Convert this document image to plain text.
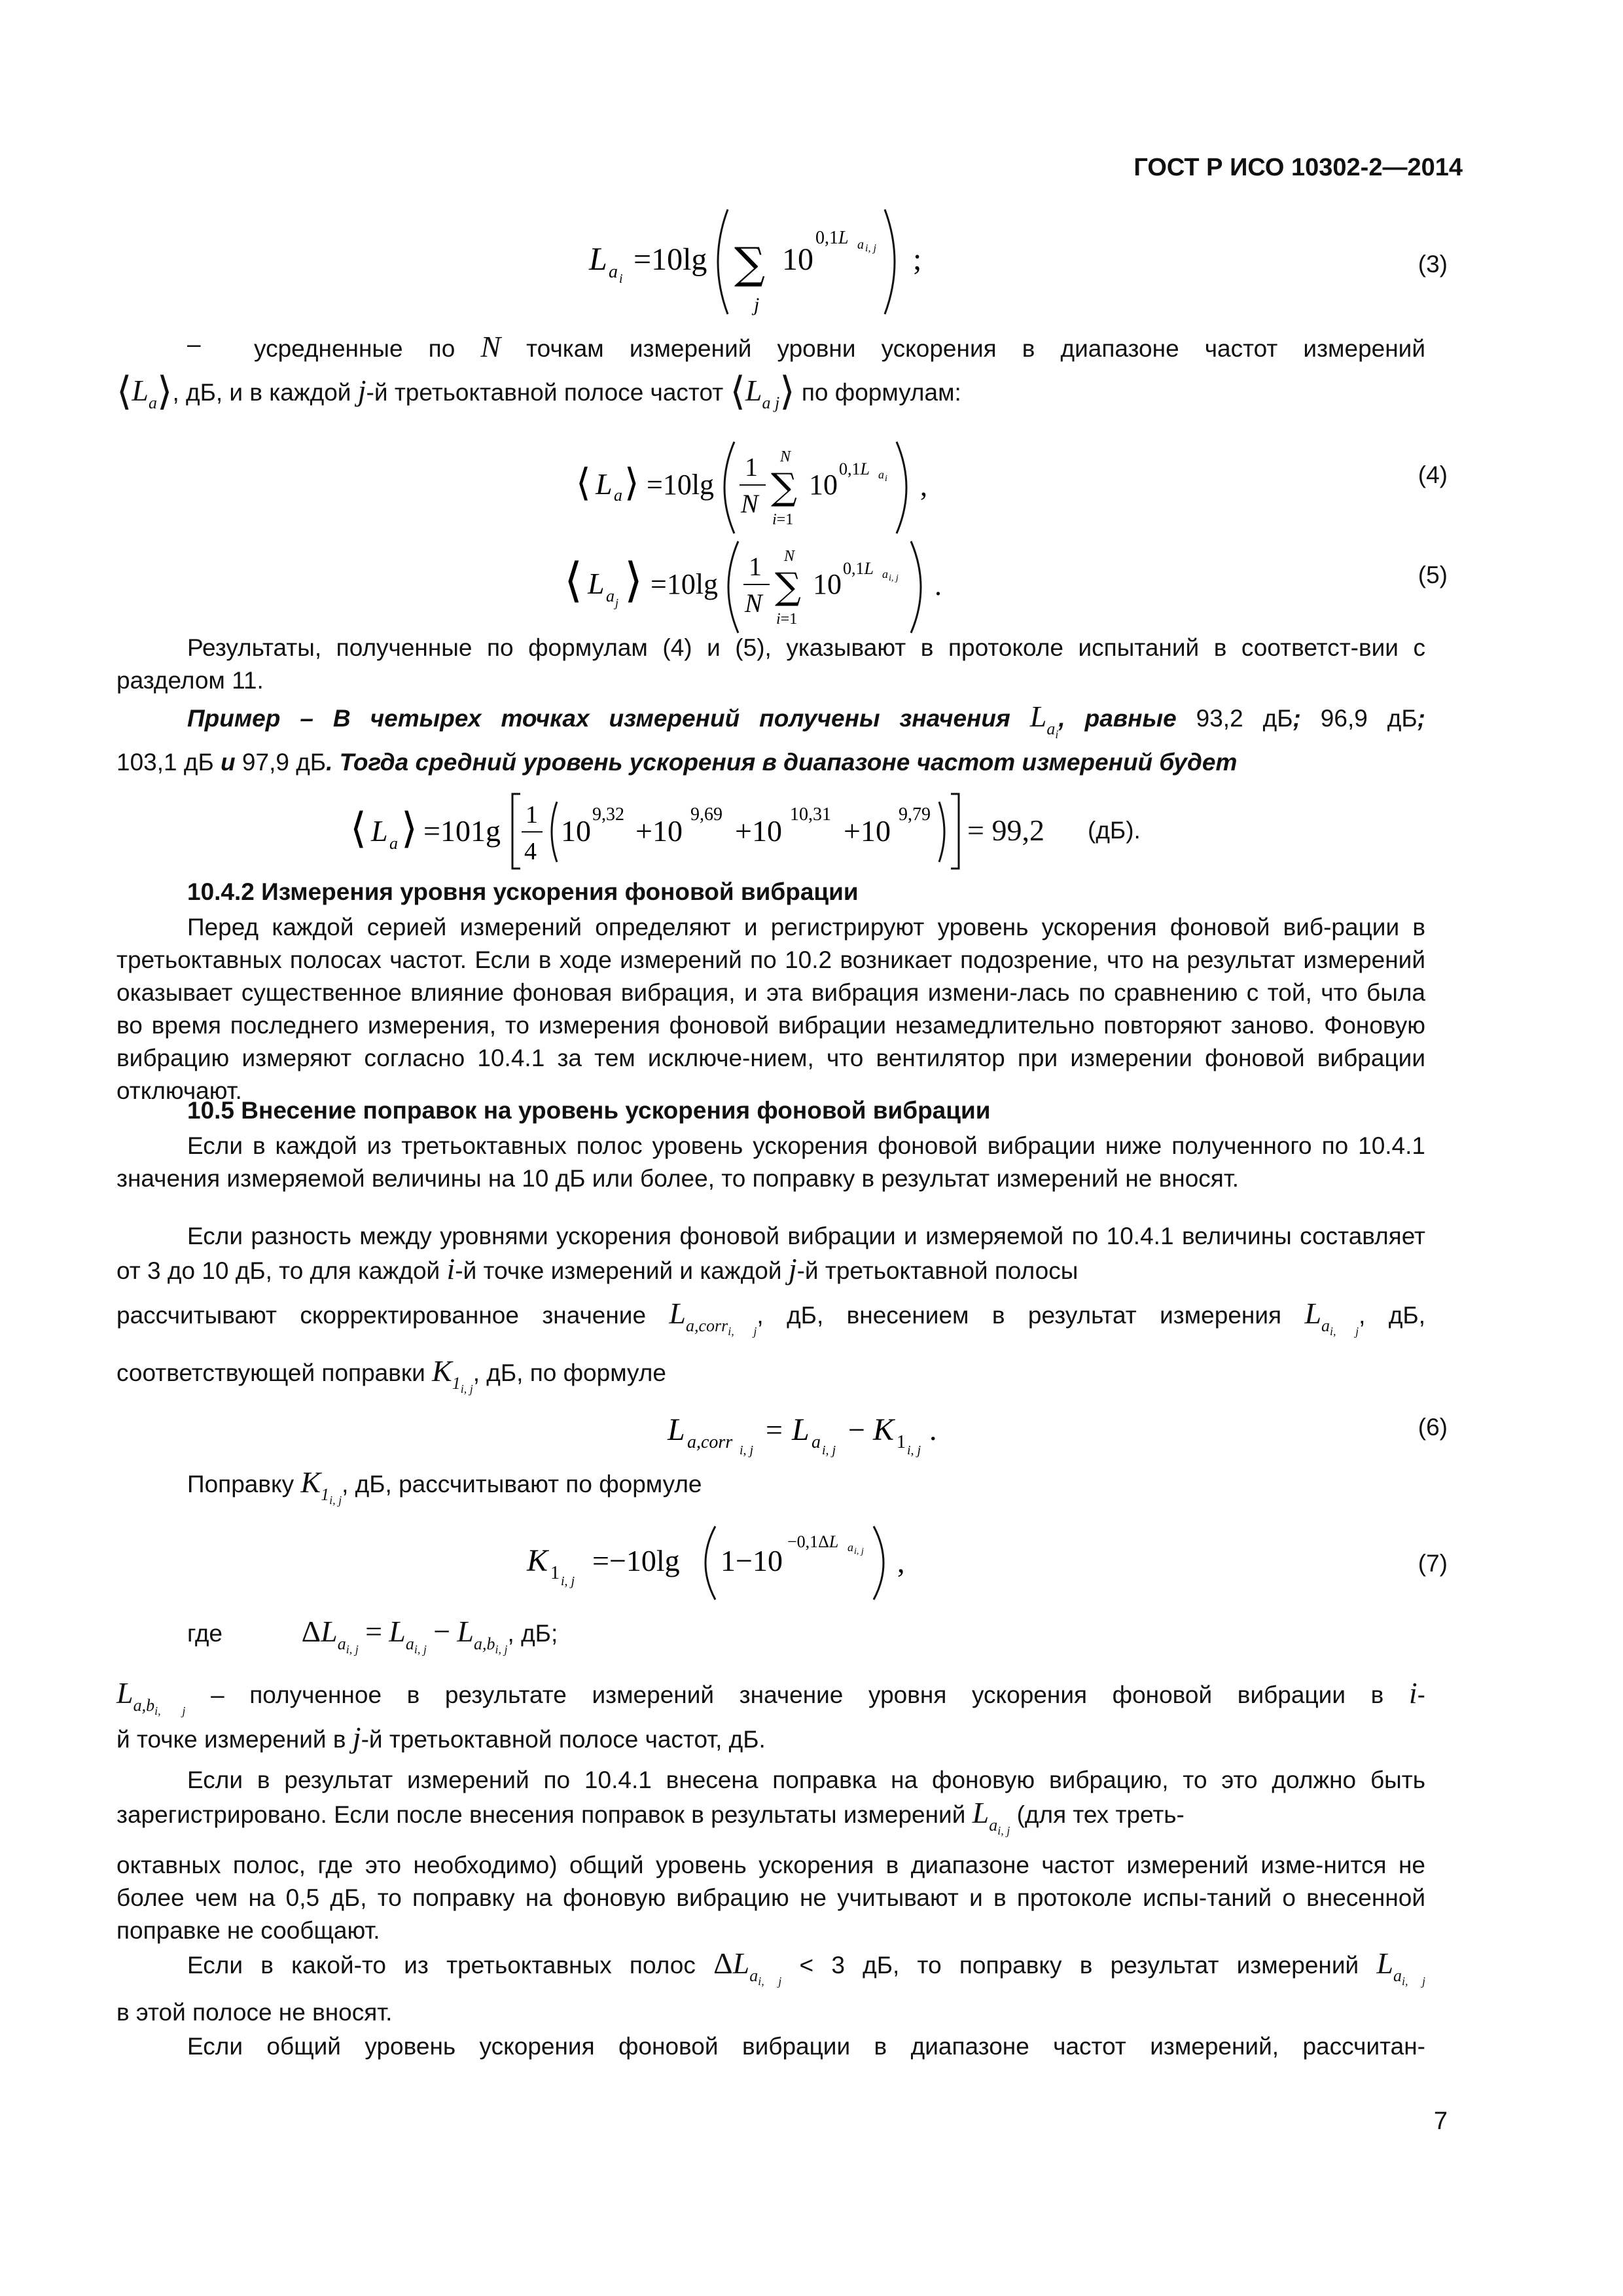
ГОСТ Р ИСО 10302-2—2014
L a i
=10lg ∑
j
10
0,1L a i, j ;	(3)
– усредненные по N точкам измерений уровни ускорения в диапазоне частот измерений
$⟨L_a⟩$, дБ, и в каждой j-й третьоктавной полосе частот $⟨L_{a j}⟩$ по формулам:
⟨ L a ⟩ =10lg
1
N ∑
N
i=1
10 0,1L a i ,	(4)
⟨ L a j ⟩ =10lg
1
N ∑
N
i=1
10 0,1L a i, j .	(5)

Результаты, полученные по формулам (4) и (5), указывают в протоколе испытаний в соответст-вии с разделом 11.

Пример – В четырех точках измерений получены значения $L_{a_i}$, равные 93,2 дБ; 96,9 дБ;
103,1 дБ и 97,9 дБ. Тогда средний уровень ускорения в диапазоне частот измерений будет
⟨ L a ⟩ =101g 1
4
10 9,32 +10 9,69 +10 10,31 +10 9,79 = 99,2 (дБ).
10.4.2 Измерения уровня ускорения фоновой вибрации

Перед каждой серией измерений определяют и регистрируют уровень ускорения фоновой виб-рации в третьоктавных полосах частот. Если в ходе измерений по 10.2 возникает подозрение, что на результат измерений оказывает существенное влияние фоновая вибрация, и эта вибрация измени-лась по сравнению с той, что была во время последнего измерения, то измерения фоновой вибрации незамедлительно повторяют заново. Фоновую вибрацию измеряют согласно 10.4.1 за тем исключе-нием, что вентилятор при измерении фоновой вибрации отключают.

10.5 Внесение поправок на уровень ускорения фоновой вибрации

Если в каждой из третьоктавных полос уровень ускорения фоновой вибрации ниже полученного по 10.4.1 значения измеряемой величины на 10 дБ или более, то поправку в результат измерений не вносят.

Если разность между уровнями ускорения фоновой вибрации и измеряемой по 10.4.1 величины составляет от 3 до 10 дБ, то для каждой i-й точке измерений и каждой j-й третьоктавной полосы
рассчитывают скорректированное значение $L_{a,corr_{i, j}}$, дБ, внесением в результат измерения $L_{a_{i, j}}$, дБ,
соответствующей поправки $K_{1_{i, j}}$, дБ, по формуле
L a,corr i, j
= L a i, j
− K 1 i, j
.	(6)
Поправку $K_{1_{i, j}}$, дБ, рассчитывают по формуле
K 1 i, j
=−10lg 1−10
−0,1ΔL a i, j ,	(7)
где	$\Delta L_{a_{i, j}} = L_{a_{i, j}} - L_{a,b_{i, j}}$, дБ;
$L_{a,b_{i, j}}$ – полученное в результате измерений значение уровня ускорения фоновой вибрации в i-
й точке измерений в j-й третьоктавной полосе частот, дБ.
Если в результат измерений по 10.4.1 внесена поправка на фоновую вибрацию, то это должно быть зарегистрировано. Если после внесения поправок в результаты измерений $L_{a_{i, j}}$ (для тех треть-

октавных полос, где это необходимо) общий уровень ускорения в диапазоне частот измерений изме-нится не более чем на 0,5 дБ, то поправку на фоновую вибрацию не учитывают и в протоколе испы-таний о внесенной поправке не сообщают.

Если в какой-то из третьоктавных полос $\Delta L_{a_{i, j}} < 3$ дБ, то поправку в результат измерений $L_{a_{i, j}}$
в этой полосе не вносят.
Если общий уровень ускорения фоновой вибрации в диапазоне частот измерений, рассчитан-
7
